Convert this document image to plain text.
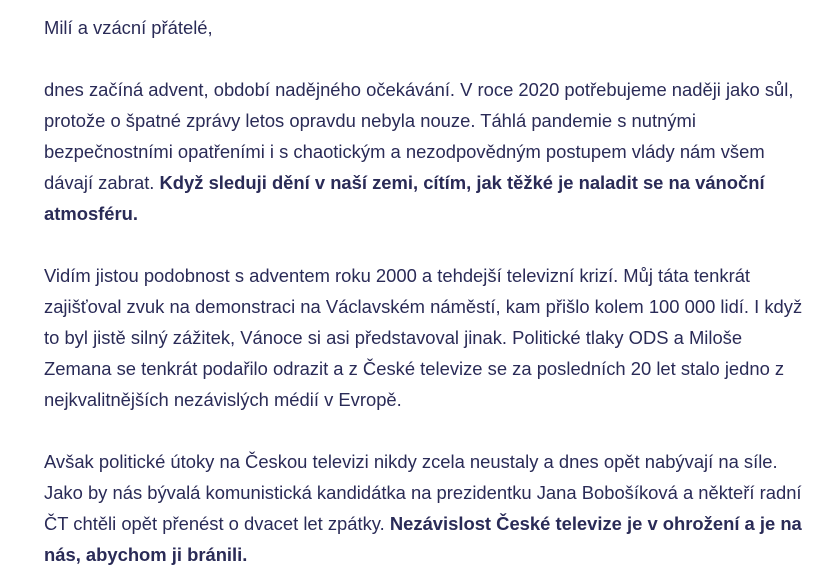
Milí a vzácní přátelé,

dnes začíná advent, období nadějného očekávání. V roce 2020 potřebujeme naději jako sůl, protože o špatné zprávy letos opravdu nebyla nouze. Táhlá pandemie s nutnými bezpečnostními opatřeními i s chaotickým a nezodpovědným postupem vlády nám všem dávají zabrat. Když sleduji dění v naší zemi, cítím, jak těžké je naladit se na vánoční atmosféru.

Vidím jistou podobnost s adventem roku 2000 a tehdejší televizní krizí. Můj táta tenkrát zajišťoval zvuk na demonstraci na Václavském náměstí, kam přišlo kolem 100 000 lidí. I když to byl jistě silný zážitek, Vánoce si asi představoval jinak. Politické tlaky ODS a Miloše Zemana se tenkrát podařilo odrazit a z České televize se za posledních 20 let stalo jedno z nejkvalitnějších nezávislých médií v Evropě.

Avšak politické útoky na Českou televizi nikdy zcela neustaly a dnes opět nabývají na síle. Jako by nás bývalá komunistická kandidátka na prezidentku Jana Bobošíková a někteří radní ČT chtěli opět přenést o dvacet let zpátky. Nezávislost České televize je v ohrožení a je na nás, abychom ji bránili.
